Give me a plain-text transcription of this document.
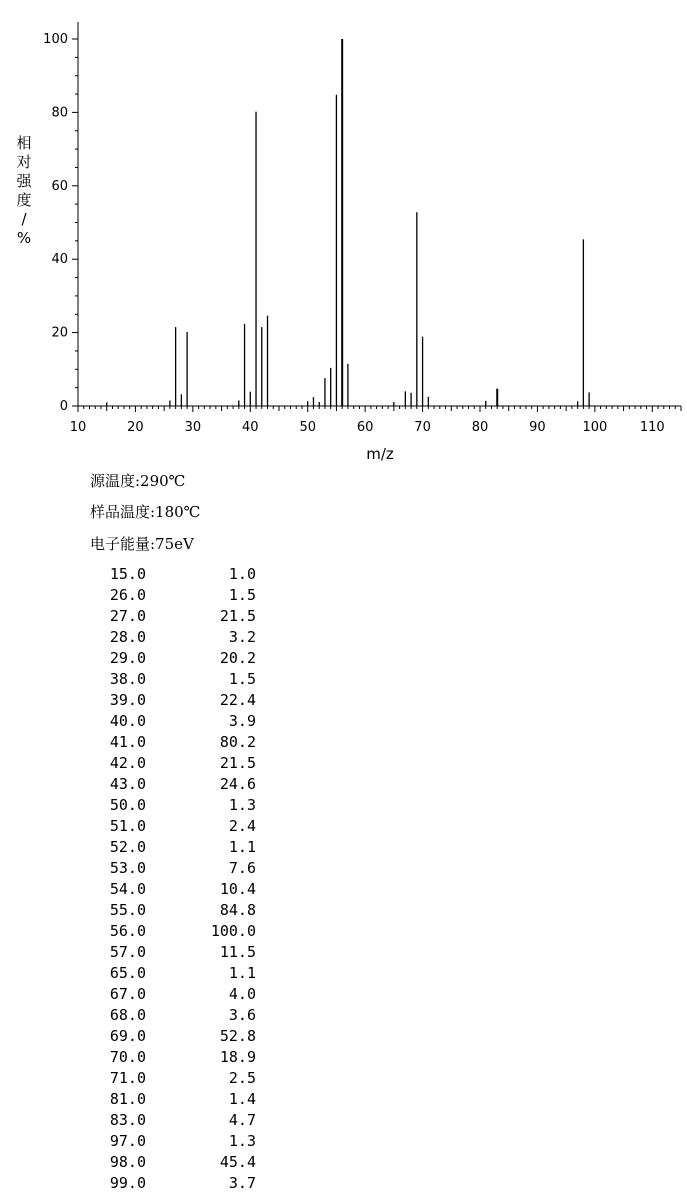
0
20
40
60
80
100
10	20	30	40	50	60	70	80	90	100	110
m/z
相对强度/ %
源温度:290℃
样品温度:180℃
电子能量:75eV
15.0	1.0
26.0	1.5
27.0	21.5
28.0	3.2
29.0	20.2
38.0	1.5
39.0	22.4
40.0	3.9
41.0	80.2
42.0	21.5
43.0	24.6
50.0	1.3
51.0	2.4
52.0	1.1
53.0	7.6
54.0	10.4
55.0	84.8
56.0	100.0
57.0	11.5
65.0	1.1
67.0	4.0
68.0	3.6
69.0	52.8
70.0	18.9
71.0	2.5
81.0	1.4
83.0	4.7
97.0	1.3
98.0	45.4
99.0	3.7
